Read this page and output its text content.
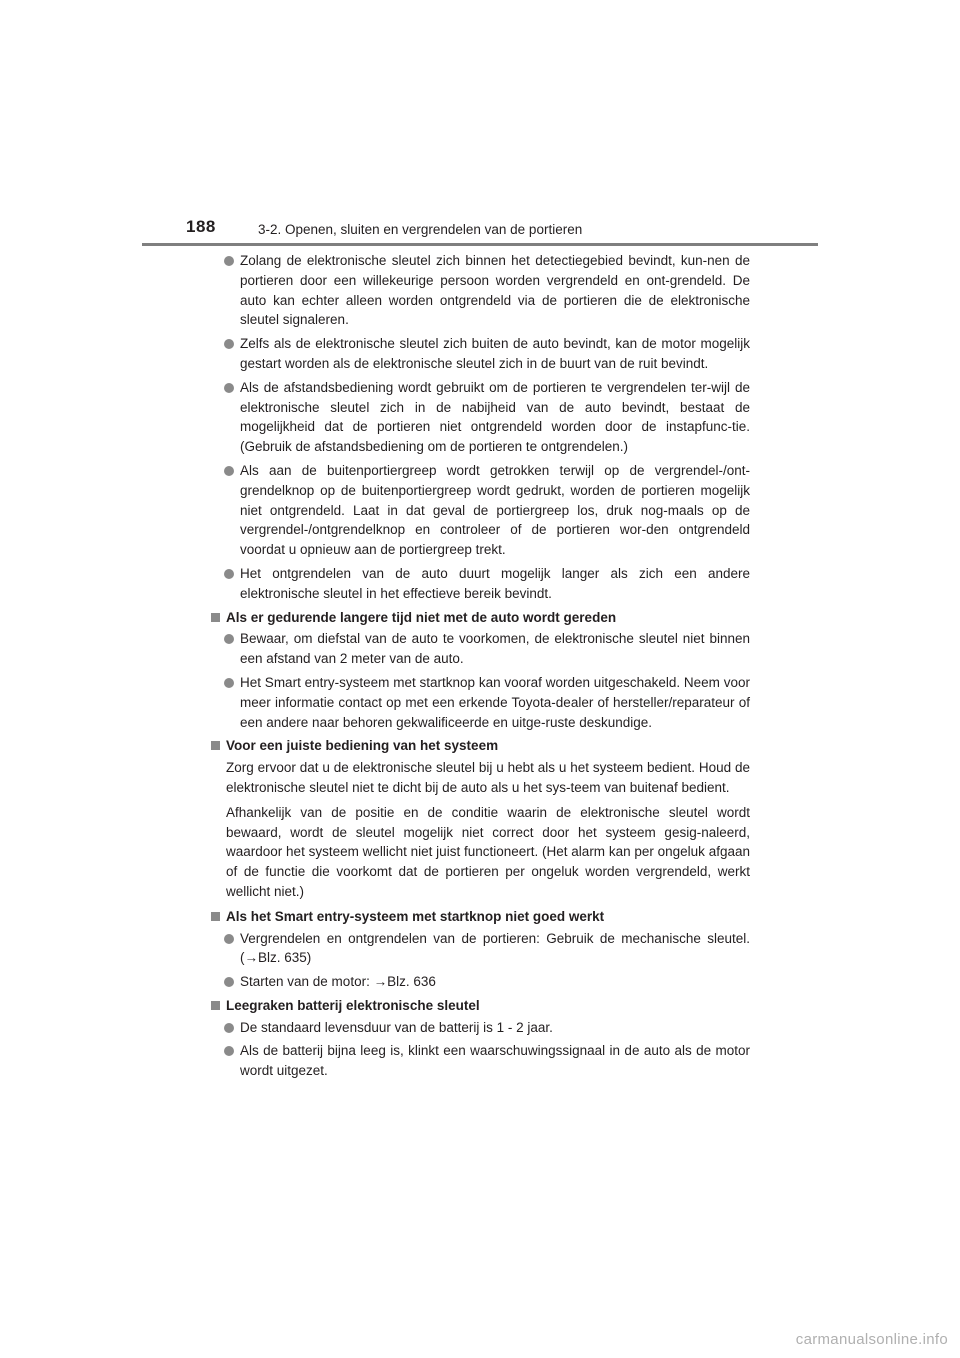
188	3-2. Openen, sluiten en vergrendelen van de portieren
Zolang de elektronische sleutel zich binnen het detectiegebied bevindt, kun-nen de portieren door een willekeurige persoon worden vergrendeld en ont-grendeld. De auto kan echter alleen worden ontgrendeld via de portieren die de elektronische sleutel signaleren.
Zelfs als de elektronische sleutel zich buiten de auto bevindt, kan de motor mogelijk gestart worden als de elektronische sleutel zich in de buurt van de ruit bevindt.
Als de afstandsbediening wordt gebruikt om de portieren te vergrendelen ter-wijl de elektronische sleutel zich in de nabijheid van de auto bevindt, bestaat de mogelijkheid dat de portieren niet ontgrendeld worden door de instapfunc-tie. (Gebruik de afstandsbediening om de portieren te ontgrendelen.)
Als aan de buitenportiergreep wordt getrokken terwijl op de vergrendel-/ont-grendelknop op de buitenportiergreep wordt gedrukt, worden de portieren mogelijk niet ontgrendeld. Laat in dat geval de portiergreep los, druk nog-maals op de vergrendel-/ontgrendelknop en controleer of de portieren wor-den ontgrendeld voordat u opnieuw aan de portiergreep trekt.
Het ontgrendelen van de auto duurt mogelijk langer als zich een andere elektronische sleutel in het effectieve bereik bevindt.
Als er gedurende langere tijd niet met de auto wordt gereden
Bewaar, om diefstal van de auto te voorkomen, de elektronische sleutel niet binnen een afstand van 2 meter van de auto.
Het Smart entry-systeem met startknop kan vooraf worden uitgeschakeld. Neem voor meer informatie contact op met een erkende Toyota-dealer of hersteller/reparateur of een andere naar behoren gekwalificeerde en uitge-ruste deskundige.
Voor een juiste bediening van het systeem
Zorg ervoor dat u de elektronische sleutel bij u hebt als u het systeem bedient. Houd de elektronische sleutel niet te dicht bij de auto als u het sys-teem van buitenaf bedient.
Afhankelijk van de positie en de conditie waarin de elektronische sleutel wordt bewaard, wordt de sleutel mogelijk niet correct door het systeem gesig-naleerd, waardoor het systeem wellicht niet juist functioneert. (Het alarm kan per ongeluk afgaan of de functie die voorkomt dat de portieren per ongeluk worden vergrendeld, werkt wellicht niet.)
Als het Smart entry-systeem met startknop niet goed werkt
Vergrendelen en ontgrendelen van de portieren: Gebruik de mechanische sleutel. (→Blz. 635)
Starten van de motor: →Blz. 636
Leegraken batterij elektronische sleutel
De standaard levensduur van de batterij is 1 - 2 jaar.
Als de batterij bijna leeg is, klinkt een waarschuwingssignaal in de auto als de motor wordt uitgezet.
carmanualsonline.info
